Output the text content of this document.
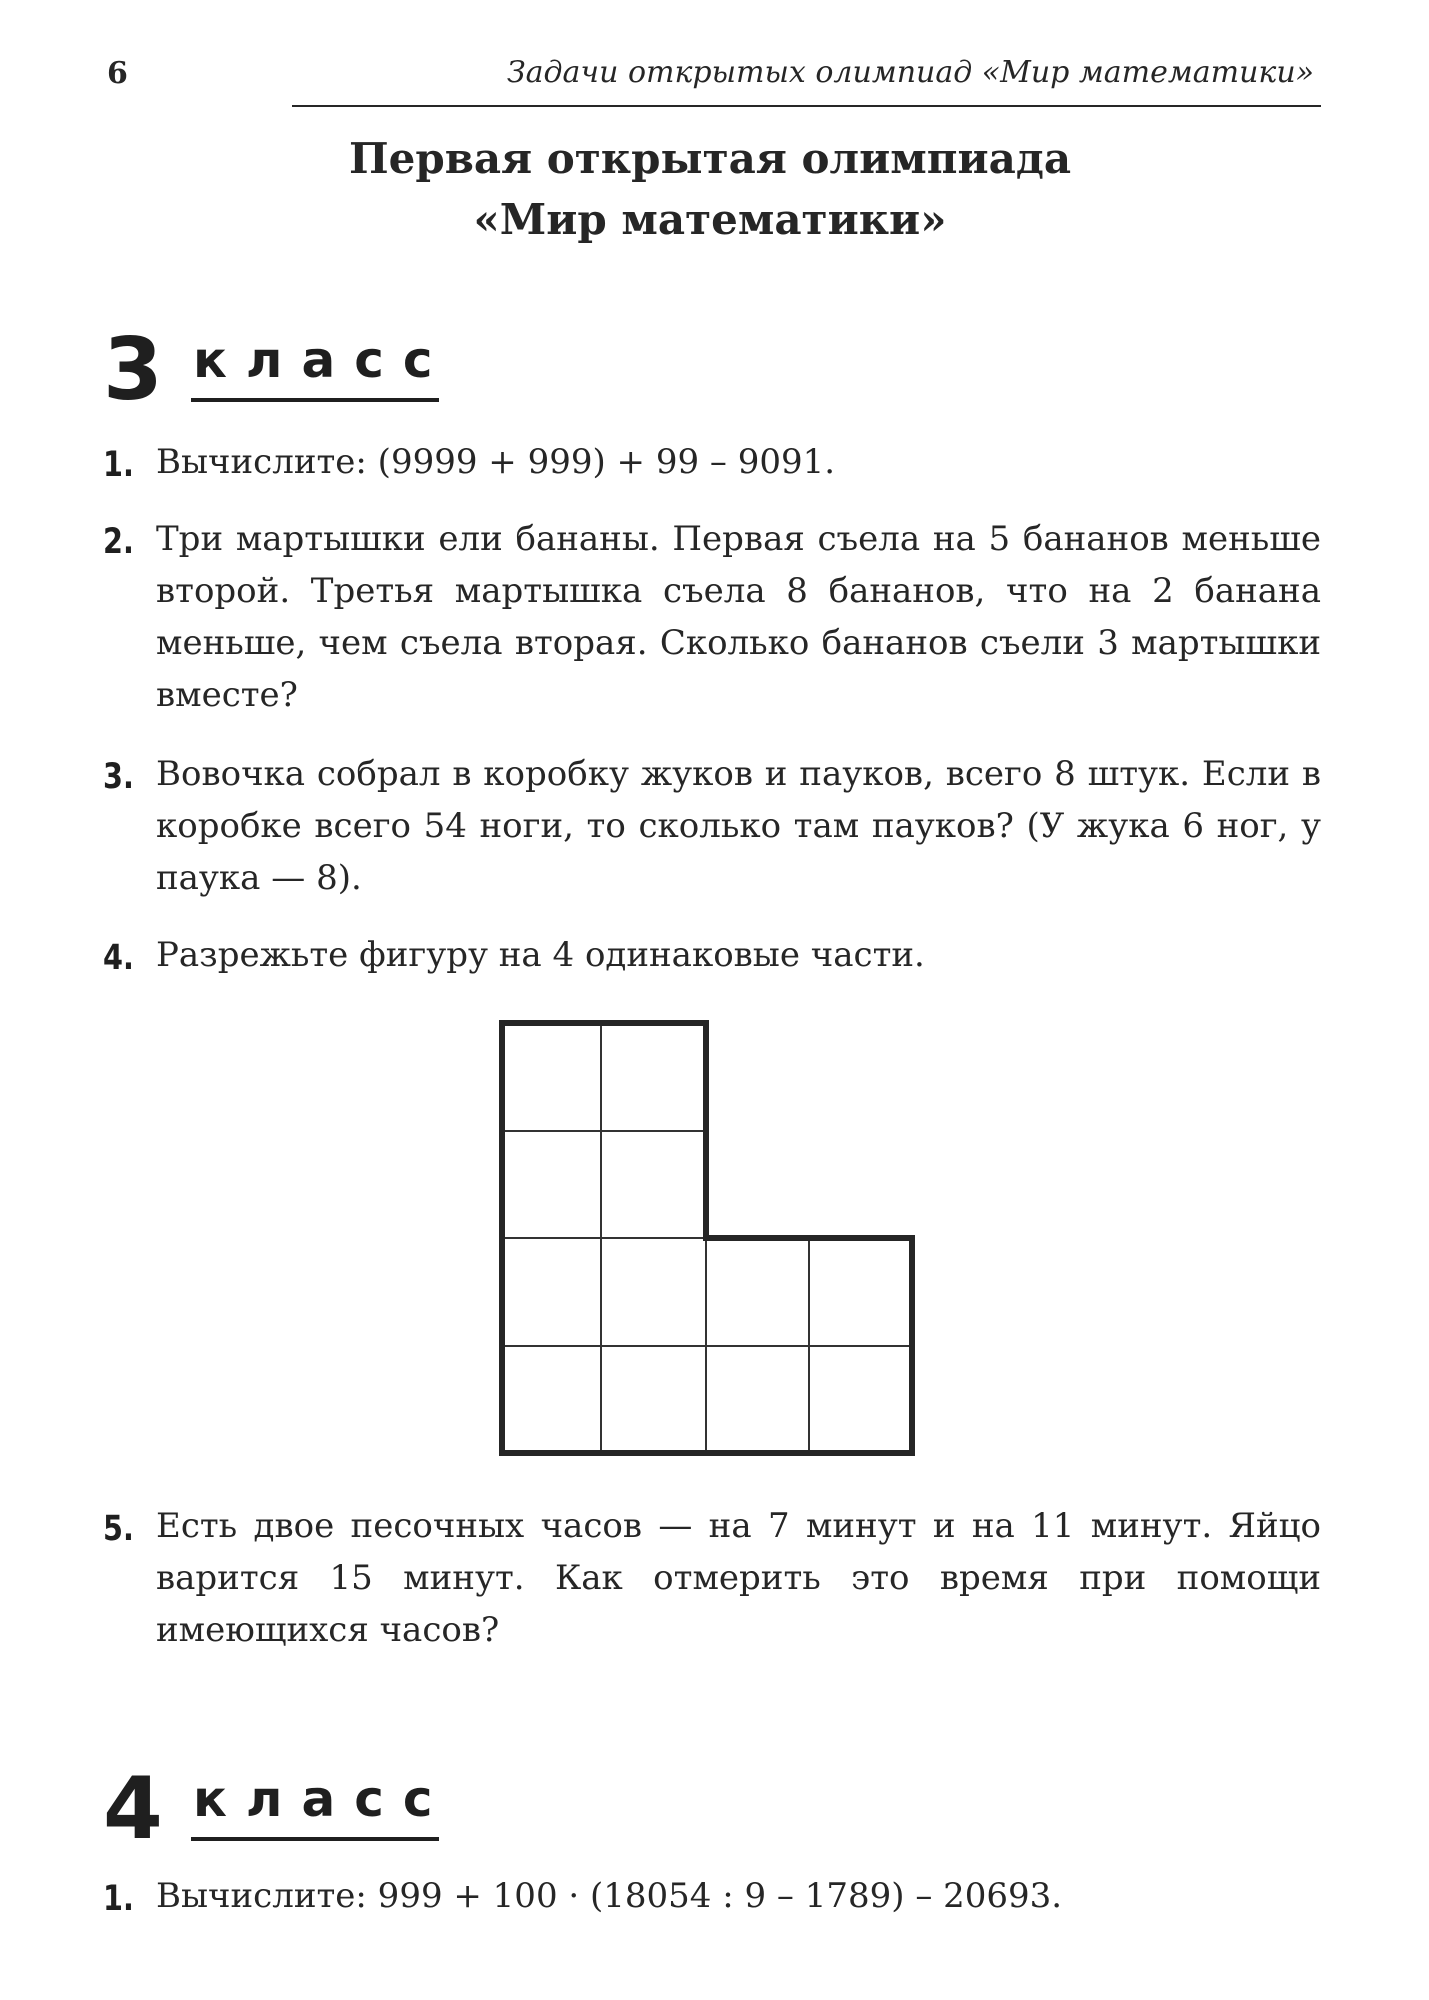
6	Задачи открытых олимпиад «Мир математики»
Первая открытая олимпиада
«Мир математики»
3 класс
1. Вычислите: (9999 + 999) + 99 – 9091.
2. Три мартышки ели бананы. Первая съела на 5 бананов меньше второй. Третья мартышка съела 8 бананов, что на 2 банана меньше, чем съела вторая. Сколько бананов съели 3 мартышки вместе?
3. Вовочка собрал в коробку жуков и пауков, всего 8 штук. Если в коробке всего 54 ноги, то сколько там пауков? (У жука 6 ног, у паука — 8).
4. Разрежьте фигуру на 4 одинаковые части.
5. Есть двое песочных часов — на 7 минут и на 11 минут. Яйцо варится 15 минут. Как отмерить это время при помощи имеющихся часов?
4 класс
1. Вычислите: 999 + 100 · (18054 : 9 – 1789) – 20693.
